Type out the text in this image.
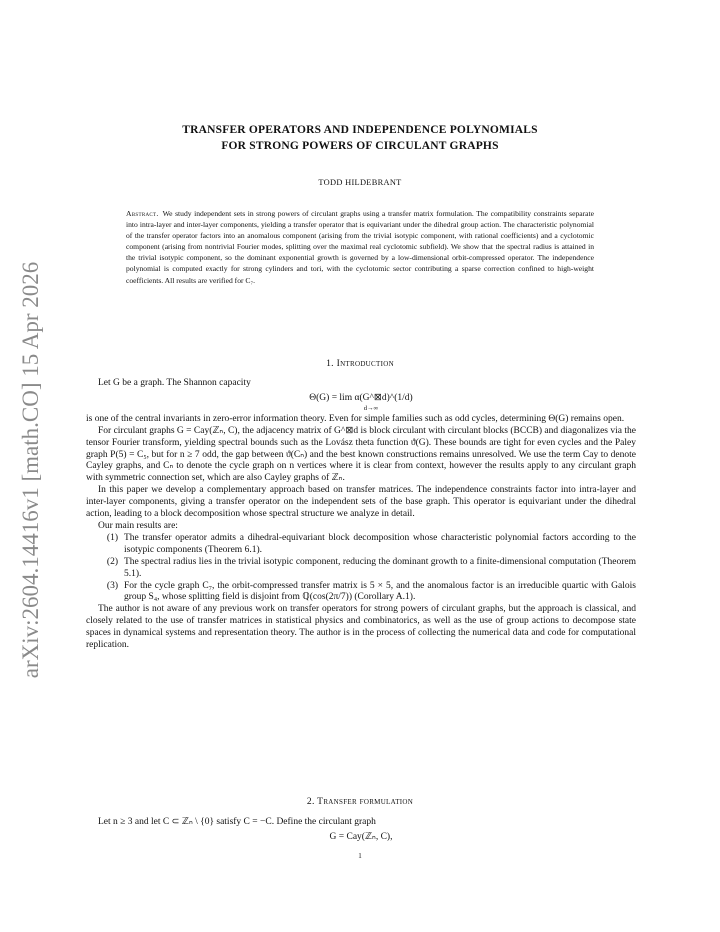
arXiv:2604.14416v1 [math.CO] 15 Apr 2026
TRANSFER OPERATORS AND INDEPENDENCE POLYNOMIALS
FOR STRONG POWERS OF CIRCULANT GRAPHS
TODD HILDEBRANT
Abstract. We study independent sets in strong powers of circulant graphs using a transfer matrix formulation. The compatibility constraints separate into intra-layer and inter-layer components, yielding a transfer operator that is equivariant under the dihedral group action. The characteristic polynomial of the transfer operator factors into an anomalous component (arising from the trivial isotypic component, with rational coefficients) and a cyclotomic component (arising from nontrivial Fourier modes, splitting over the maximal real cyclotomic subfield). We show that the spectral radius is attained in the trivial isotypic component, so the dominant exponential growth is governed by a low-dimensional orbit-compressed operator. The independence polynomial is computed exactly for strong cylinders and tori, with the cyclotomic sector contributing a sparse correction confined to high-weight coefficients. All results are verified for C₇.
1. Introduction

Let G be a graph. The Shannon capacity

Θ(G) = lim α(G^⊠d)^(1/d)
d→∞

is one of the central invariants in zero-error information theory. Even for simple families such as odd cycles, determining Θ(G) remains open.

For circulant graphs G = Cay(ℤₙ, C), the adjacency matrix of G^⊠d is block circulant with circulant blocks (BCCB) and diagonalizes via the tensor Fourier transform, yielding spectral bounds such as the Lovász theta function ϑ(G). These bounds are tight for even cycles and the Paley graph P(5) = C₅, but for n ≥ 7 odd, the gap between ϑ(Cₙ) and the best known constructions remains unresolved. We use the term Cay to denote Cayley graphs, and Cₙ to denote the cycle graph on n vertices where it is clear from context, however the results apply to any circulant graph with symmetric connection set, which are also Cayley graphs of ℤₙ.

In this paper we develop a complementary approach based on transfer matrices. The independence constraints factor into intra-layer and inter-layer components, giving a transfer operator on the independent sets of the base graph. This operator is equivariant under the dihedral action, leading to a block decomposition whose spectral structure we analyze in detail.

Our main results are:

(1) The transfer operator admits a dihedral-equivariant block decomposition whose characteristic polynomial factors according to the isotypic components (Theorem 6.1).
(2) The spectral radius lies in the trivial isotypic component, reducing the dominant growth to a finite-dimensional computation (Theorem 5.1).
(3) For the cycle graph C₇, the orbit-compressed transfer matrix is 5 × 5, and the anomalous factor is an irreducible quartic with Galois group S₄, whose splitting field is disjoint from ℚ(cos(2π/7)) (Corollary A.1).

The author is not aware of any previous work on transfer operators for strong powers of circulant graphs, but the approach is classical, and closely related to the use of transfer matrices in statistical physics and combinatorics, as well as the use of group actions to decompose state spaces in dynamical systems and representation theory. The author is in the process of collecting the numerical data and code for computational replication.

2. Transfer formulation

Let n ≥ 3 and let C ⊂ ℤₙ \ {0} satisfy C = −C. Define the circulant graph

G = Cay(ℤₙ, C),
1
